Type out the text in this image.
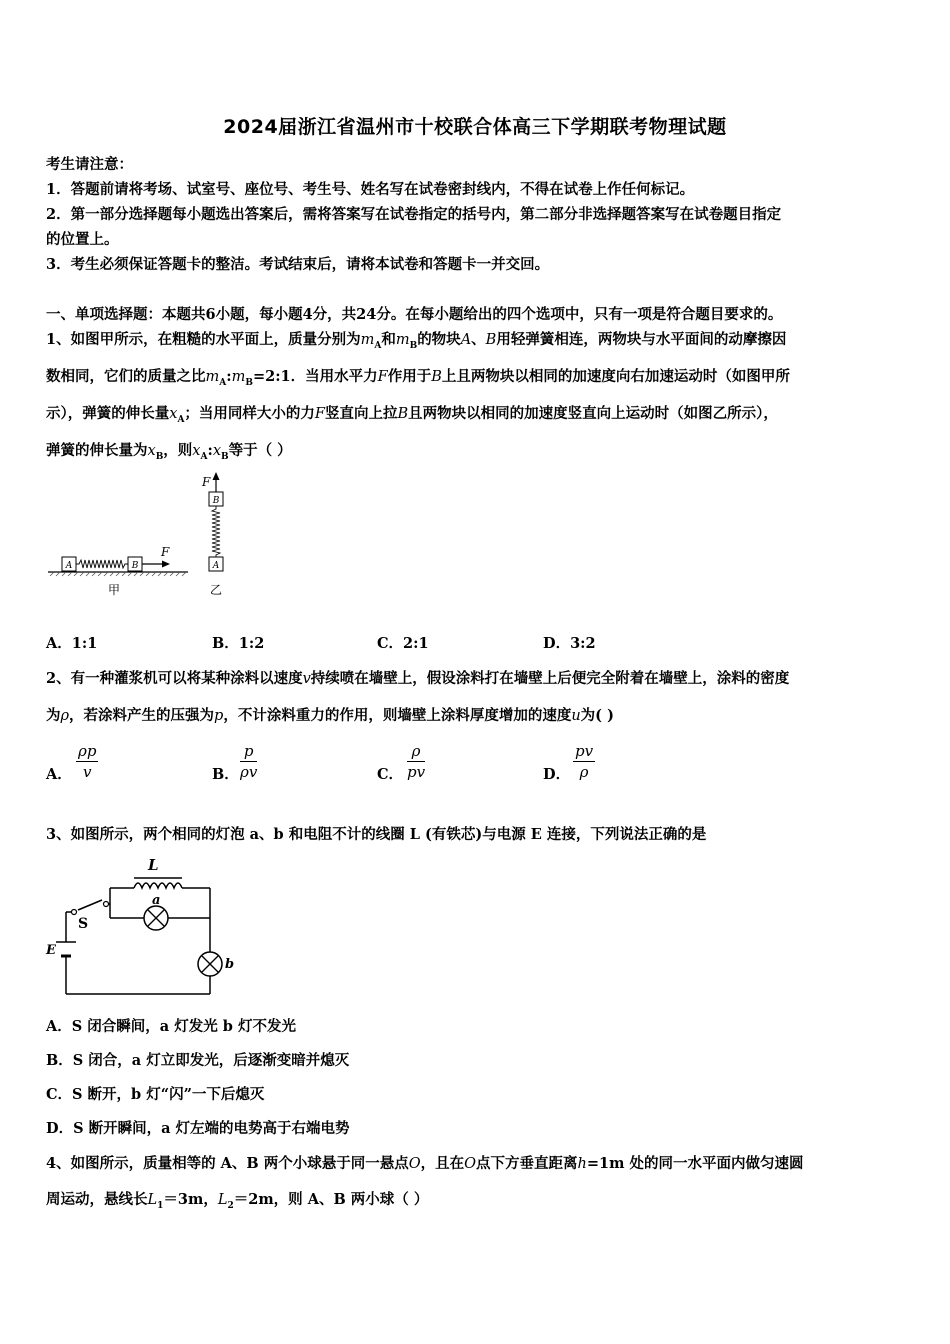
2024届浙江省温州市十校联合体高三下学期联考物理试题
考生请注意：
1．答题前请将考场、试室号、座位号、考生号、姓名写在试卷密封线内，不得在试卷上作任何标记。
2．第一部分选择题每小题选出答案后，需将答案写在试卷指定的括号内，第二部分非选择题答案写在试卷题目指定
的位置上。
3．考生必须保证答题卡的整洁。考试结束后，请将本试卷和答题卡一并交回。
一、单项选择题：本题共6小题，每小题4分，共24分。在每小题给出的四个选项中，只有一项是符合题目要求的。
1、如图甲所示，在粗糙的水平面上，质量分别为$m_A$和$m_B$的物块A、B用轻弹簧相连，两物块与水平面间的动摩擦因
数相同，它们的质量之比$m_A:m_B=2:1$．当用水平力F作用于B上且两物块以相同的加速度向右加速运动时（如图甲所
示），弹簧的伸长量$x_A$；当用同样大小的力F竖直向上拉B且两物块以相同的加速度竖直向上运动时（如图乙所示），
弹簧的伸长量为$x_B$，则$x_A:x_B$等于（ ）
A	B
F
甲
F
B
A
乙
A．1:1	B．1:2	C．2:1	D．3:2
2、有一种灌浆机可以将某种涂料以速度v持续喷在墙壁上，假设涂料打在墙壁上后便完全附着在墙壁上，涂料的密度
为ρ，若涂料产生的压强为p，不计涂料重力的作用，则墙壁上涂料厚度增加的速度u为( )
A．
ρp
v	B．
p
ρv	C．
ρ
pv	D．
pv
ρ
3、如图所示，两个相同的灯泡 a、b 和电阻不计的线圈 L (有铁芯)与电源 E 连接，下列说法正确的是
L
S
E
a
b
A．S 闭合瞬间，a 灯发光 b 灯不发光
B．S 闭合，a 灯立即发光，后逐渐变暗并熄灭
C．S 断开，b 灯“闪”一下后熄灭
D．S 断开瞬间，a 灯左端的电势高于右端电势
4、如图所示，质量相等的 A、B 两个小球悬于同一悬点O，且在O点下方垂直距离h=1m 处的同一水平面内做匀速圆
周运动，悬线长$L_1=3m$，$L_2=2m$，则 A、B 两小球（ ）
